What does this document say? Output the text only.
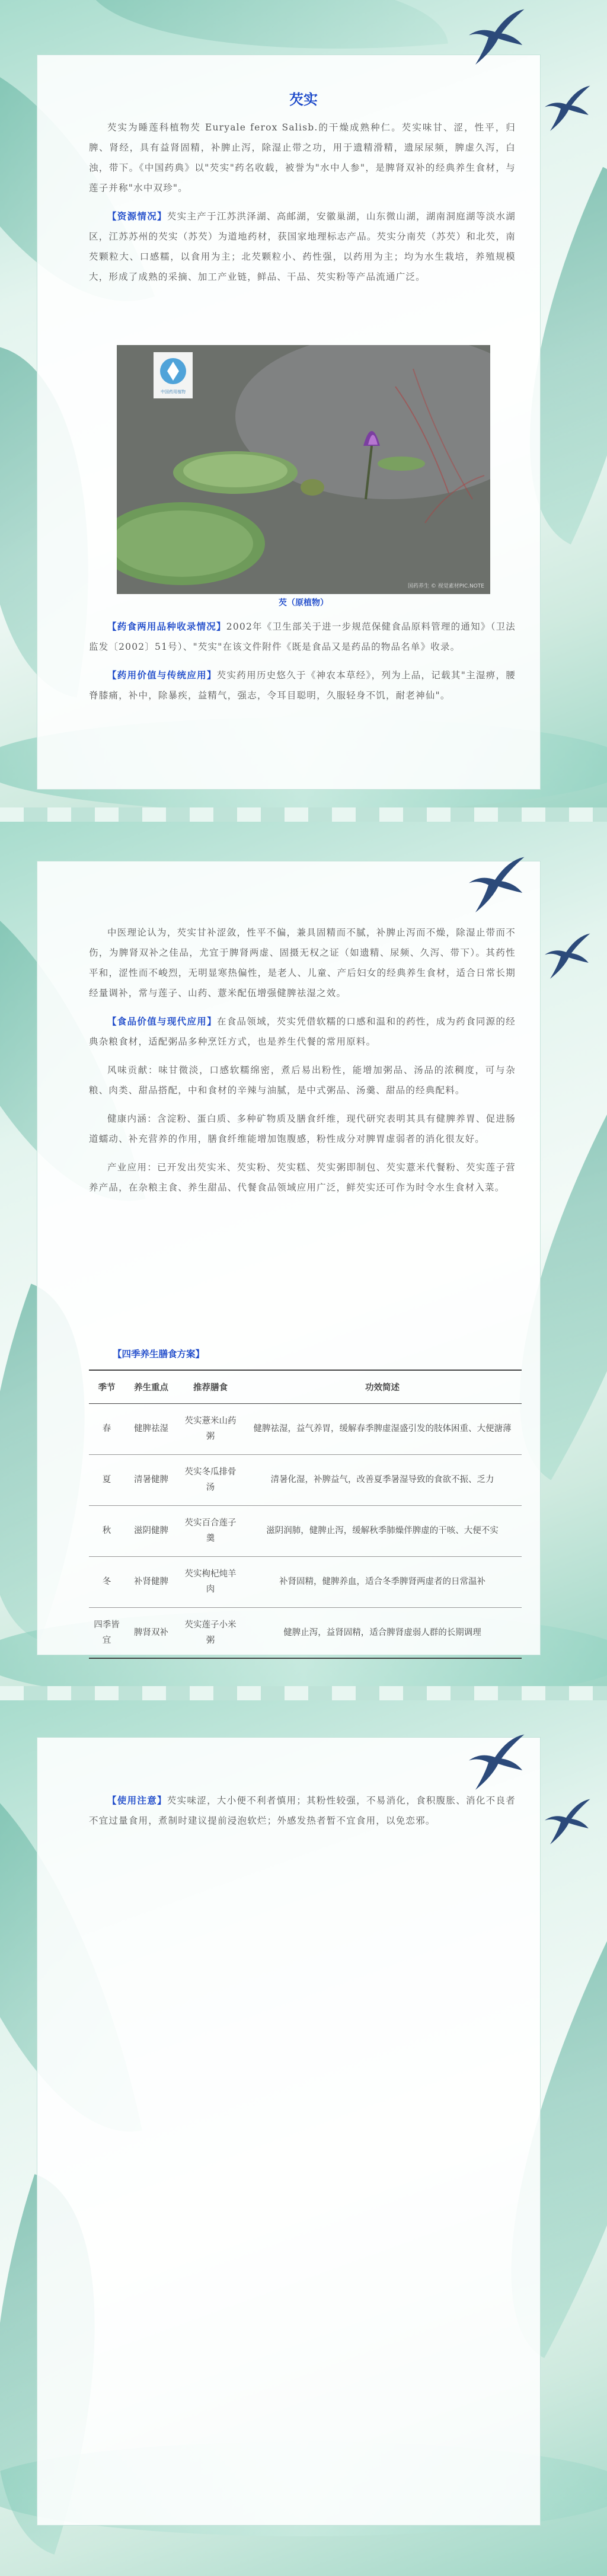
芡实

芡实为睡莲科植物芡 Euryale ferox Salisb.的干燥成熟种仁。芡实味甘、涩，性平，归脾、肾经，具有益肾固精，补脾止泻，除湿止带之功，用于遗精滑精，遗尿尿频，脾虚久泻，白浊，带下。《中国药典》以"芡实"药名收载，被誉为"水中人参"，是脾肾双补的经典养生食材，与莲子并称"水中双珍"。

【资源情况】芡实主产于江苏洪泽湖、高邮湖，安徽巢湖，山东微山湖，湖南洞庭湖等淡水湖区，江苏苏州的芡实（苏芡）为道地药材，获国家地理标志产品。芡实分南芡（苏芡）和北芡，南芡颗粒大、口感糯，以食用为主；北芡颗粒小、药性强，以药用为主；均为水生栽培，养殖规模大，形成了成熟的采摘、加工产业链，鲜品、干品、芡实粉等产品流通广泛。

中国药用植物
国药养生 © 视觉素材PIC.NOTE
芡（原植物）

【药食两用品种收录情况】2002年《卫生部关于进一步规范保健食品原料管理的通知》（卫法监发〔2002〕51号）、"芡实"在该文件附件《既是食品又是药品的物品名单》收录。

【药用价值与传统应用】芡实药用历史悠久于《神农本草经》，列为上品，记载其"主湿痹，腰脊膝痛，补中，除暴疾，益精气，强志，令耳目聪明，久服轻身不饥，耐老神仙"。

中医理论认为，芡实甘补涩敛，性平不偏，兼具固精而不腻，补脾止泻而不燥，除湿止带而不伤，为脾肾双补之佳品，尤宜于脾肾两虚、固摄无权之证（如遗精、尿频、久泻、带下）。其药性平和，涩性而不峻烈，无明显寒热偏性，是老人、儿童、产后妇女的经典养生食材，适合日常长期经量调补，常与莲子、山药、薏米配伍增强健脾祛湿之效。

【食品价值与现代应用】在食品领域，芡实凭借软糯的口感和温和的药性，成为药食同源的经典杂粮食材，适配粥品多种烹饪方式，也是养生代餐的常用原料。

风味贡献：味甘微淡，口感软糯绵密，煮后易出粉性，能增加粥品、汤品的浓稠度，可与杂粮、肉类、甜品搭配，中和食材的辛辣与油腻，是中式粥品、汤羹、甜品的经典配料。

健康内涵：含淀粉、蛋白质、多种矿物质及膳食纤维，现代研究表明其具有健脾养胃、促进肠道蠕动、补充营养的作用，膳食纤维能增加饱腹感，粉性成分对脾胃虚弱者的消化很友好。

产业应用：已开发出芡实米、芡实粉、芡实糕、芡实粥即制包、芡实薏米代餐粉、芡实莲子营养产品，在杂粮主食、养生甜品、代餐食品领域应用广泛，鲜芡实还可作为时令水生食材入菜。

【四季养生膳食方案】
季节	养生重点	推荐膳食	功效简述
春	健脾祛湿	芡实薏米山药粥	健脾祛湿，益气养胃，缓解春季脾虚湿盛引发的肢体困重、大便溏薄
夏	清暑健脾	芡实冬瓜排骨汤	清暑化湿，补脾益气，改善夏季暑湿导致的食欲不振、乏力
秋	滋阴健脾	芡实百合莲子羹	滋阴润肺，健脾止泻，缓解秋季肺燥伴脾虚的干咳、大便不实
冬	补肾健脾	芡实枸杞炖羊肉	补肾固精，健脾养血，适合冬季脾肾两虚者的日常温补
四季皆宜	脾肾双补	芡实莲子小米粥	健脾止泻，益肾固精，适合脾肾虚弱人群的长期调理

【使用注意】芡实味涩，大小便不利者慎用；其粉性较强，不易消化，食积腹胀、消化不良者不宜过量食用，煮制时建议提前浸泡软烂；外感发热者暂不宜食用，以免恋邪。
